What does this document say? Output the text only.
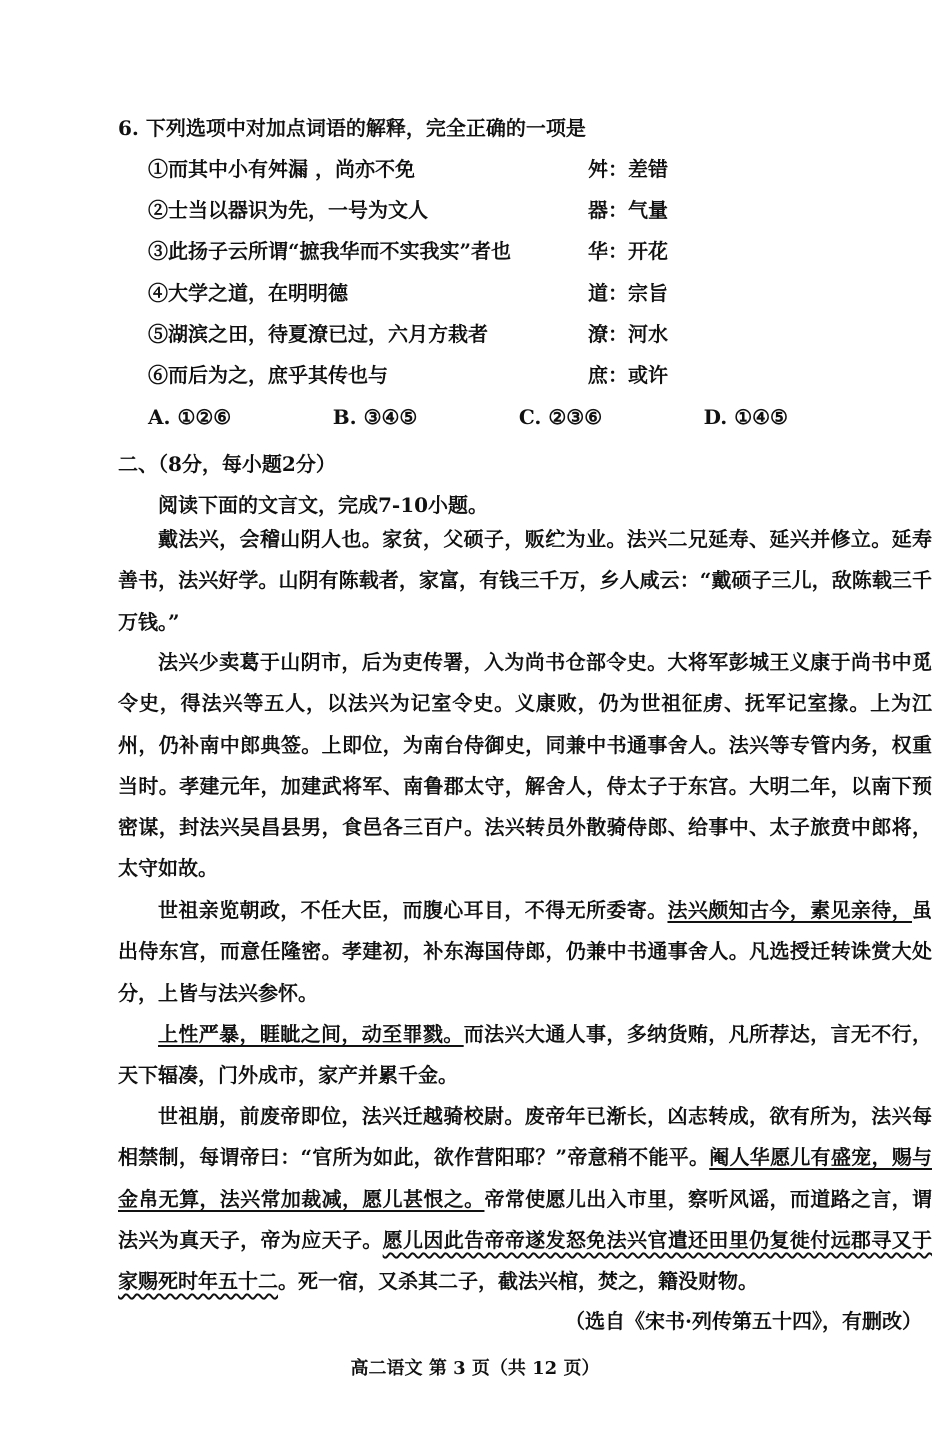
6. 下列选项中对加点词语的解释，完全正确的一项是
①而其中小有舛漏 ，尚亦不免	舛：差错
②士当以器识为先，一号为文人	器：气量
③此扬子云所谓“摭我华而不实我实”者也	华：开花
④大学之道，在明明德	道：宗旨
⑤湖滨之田，待夏潦已过，六月方栽者	潦：河水
⑥而后为之，庶乎其传也与	庶：或许
A. ①②⑥	B. ③④⑤	C. ②③⑥	D. ①④⑤
二、（8分，每小题2分）
阅读下面的文言文，完成7-10小题。
戴法兴，会稽山阴人也。家贫，父硕子，贩纻为业。法兴二兄延寿、延兴并修立。延寿善书，法兴好学。山阴有陈载者，家富，有钱三千万，乡人咸云：“戴硕子三儿，敌陈载三千万钱。”
法兴少卖葛于山阴市，后为吏传署，入为尚书仓部令史。大将军彭城王义康于尚书中觅令史，得法兴等五人，以法兴为记室令史。义康败，仍为世祖征虏、抚军记室掾。上为江州，仍补南中郎典签。上即位，为南台侍御史，同兼中书通事舍人。法兴等专管内务，权重当时。孝建元年，加建武将军、南鲁郡太守，解舍人，侍太子于东宫。大明二年，以南下预密谋，封法兴吴昌县男，食邑各三百户。法兴转员外散骑侍郎、给事中、太子旅贲中郎将，太守如故。
世祖亲览朝政，不任大臣，而腹心耳目，不得无所委寄。法兴颇知古今，素见亲待，虽出侍东宫，而意任隆密。孝建初，补东海国侍郎，仍兼中书通事舍人。凡选授迁转诛赏大处分，上皆与法兴参怀。
上性严暴，睚眦之间，动至罪戮。而法兴大通人事，多纳货贿，凡所荐达，言无不行，天下辐凑，门外成市，家产并累千金。
世祖崩，前废帝即位，法兴迁越骑校尉。废帝年已渐长，凶志转成，欲有所为，法兴每相禁制，每谓帝曰：“官所为如此，欲作营阳耶？”帝意稍不能平。阉人华愿儿有盛宠，赐与金帛无算，法兴常加裁减，愿儿甚恨之。帝常使愿儿出入市里，察听风谣，而道路之言，谓法兴为真天子，帝为应天子。愿儿因此告帝帝遂发怒免法兴官遣还田里仍复徙付远郡寻又于家赐死时年五十二。死一宿，又杀其二子，截法兴棺，焚之，籍没财物。
（选自《宋书·列传第五十四》，有删改）
高二语文 第 3 页（共 12 页）
